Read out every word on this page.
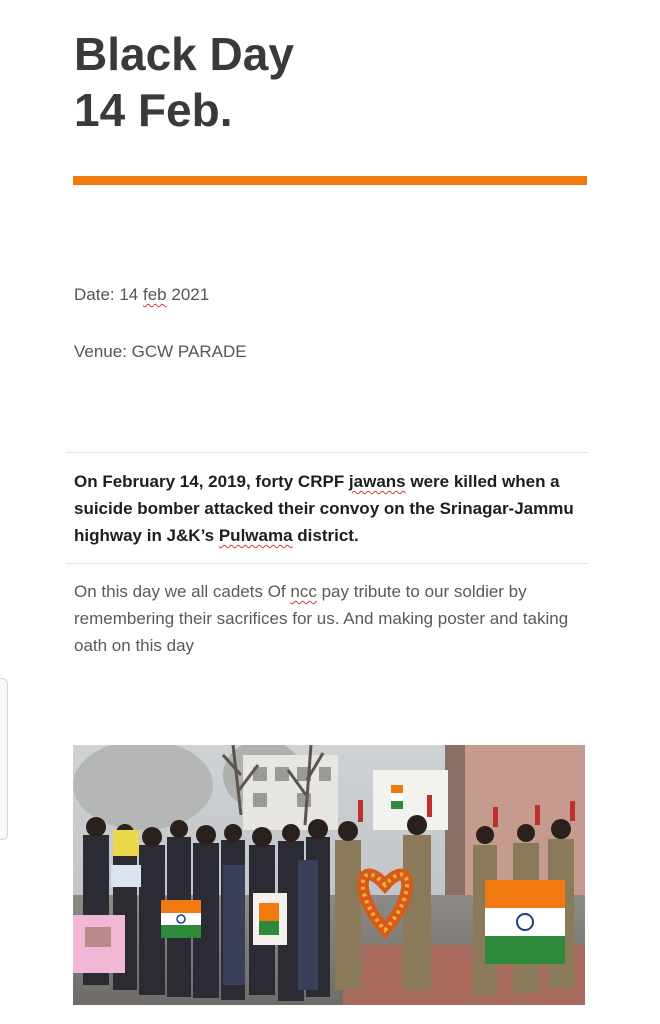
Black Day
14 Feb.

Date: 14 feb 2021

Venue: GCW PARADE

On February 14, 2019, forty CRPF jawans were killed when a suicide bomber attacked their convoy on the Srinagar-Jammu highway in J&K’s Pulwama district.

On this day we all cadets Of ncc pay tribute to our soldier by remembering their sacrifices for us. And making poster and taking oath on this day
